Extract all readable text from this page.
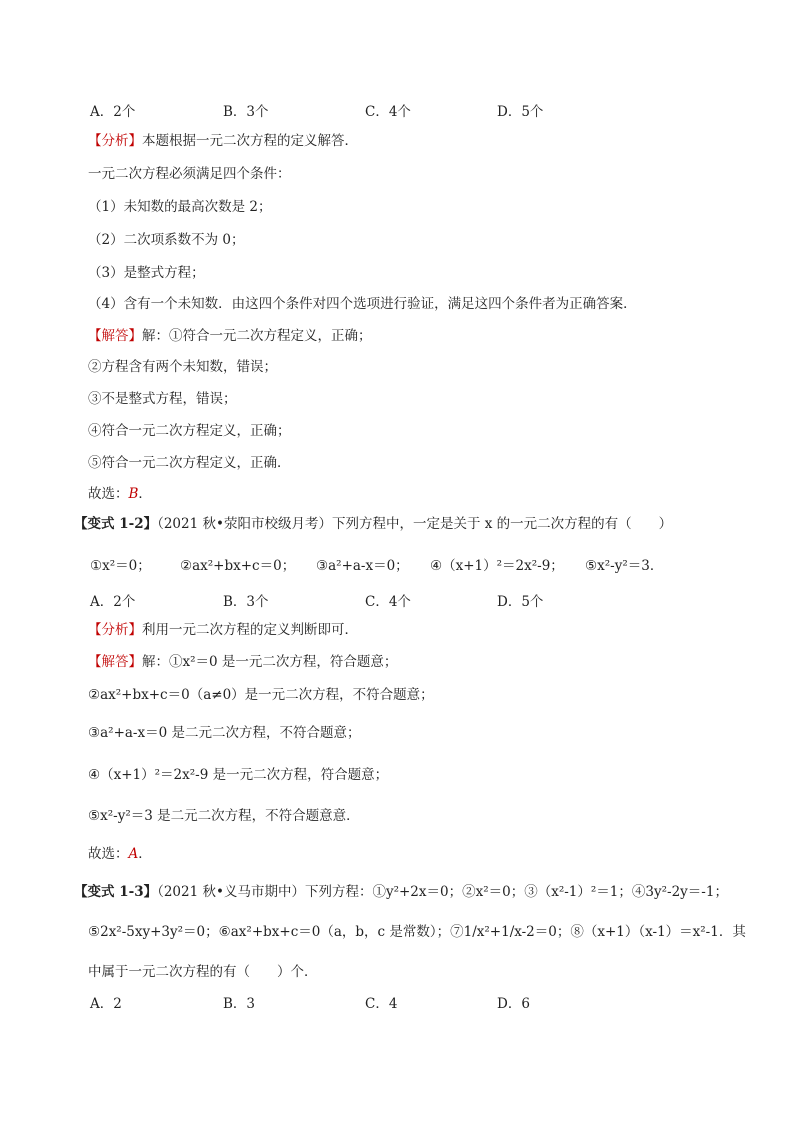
A．2个	B．3个	C．4个	D．5个
【分析】本题根据一元二次方程的定义解答．
一元二次方程必须满足四个条件：
（1）未知数的最高次数是 2；
（2）二次项系数不为 0；
（3）是整式方程；
（4）含有一个未知数．由这四个条件对四个选项进行验证，满足这四个条件者为正确答案．
【解答】解：①符合一元二次方程定义，正确；
②方程含有两个未知数，错误；
③不是整式方程，错误；
④符合一元二次方程定义，正确；
⑤符合一元二次方程定义，正确．
故选：B．
【变式 1-2】（2021 秋•荥阳市校级月考）下列方程中，一定是关于 x 的一元二次方程的有（　　）
①x²＝0； ②ax²+bx+c＝0； ③a²+a-x＝0； ④（x+1）²＝2x²-9； ⑤x²-y²＝3．
A．2个	B．3个	C．4个	D．5个
【分析】利用一元二次方程的定义判断即可．
【解答】解：①x²＝0 是一元二次方程，符合题意；
②ax²+bx+c＝0（a≠0）是一元二次方程，不符合题意；
③a²+a-x＝0 是二元二次方程，不符合题意；
④（x+1）²＝2x²-9 是一元二次方程，符合题意；
⑤x²-y²＝3 是二元二次方程，不符合题意意．
故选：A．
【变式 1-3】（2021 秋•义马市期中）下列方程：①y²+2x＝0；②x²＝0；③（x²-1）²＝1；④3y²-2y＝-1；
⑤2x²-5xy+3y²＝0；⑥ax²+bx+c＝0（a，b，c 是常数）；⑦1/x²+1/x-2＝0；⑧（x+1）（x-1）＝x²-1．其
中属于一元二次方程的有（　　）个．
A．2	B．3	C．4	D．6
